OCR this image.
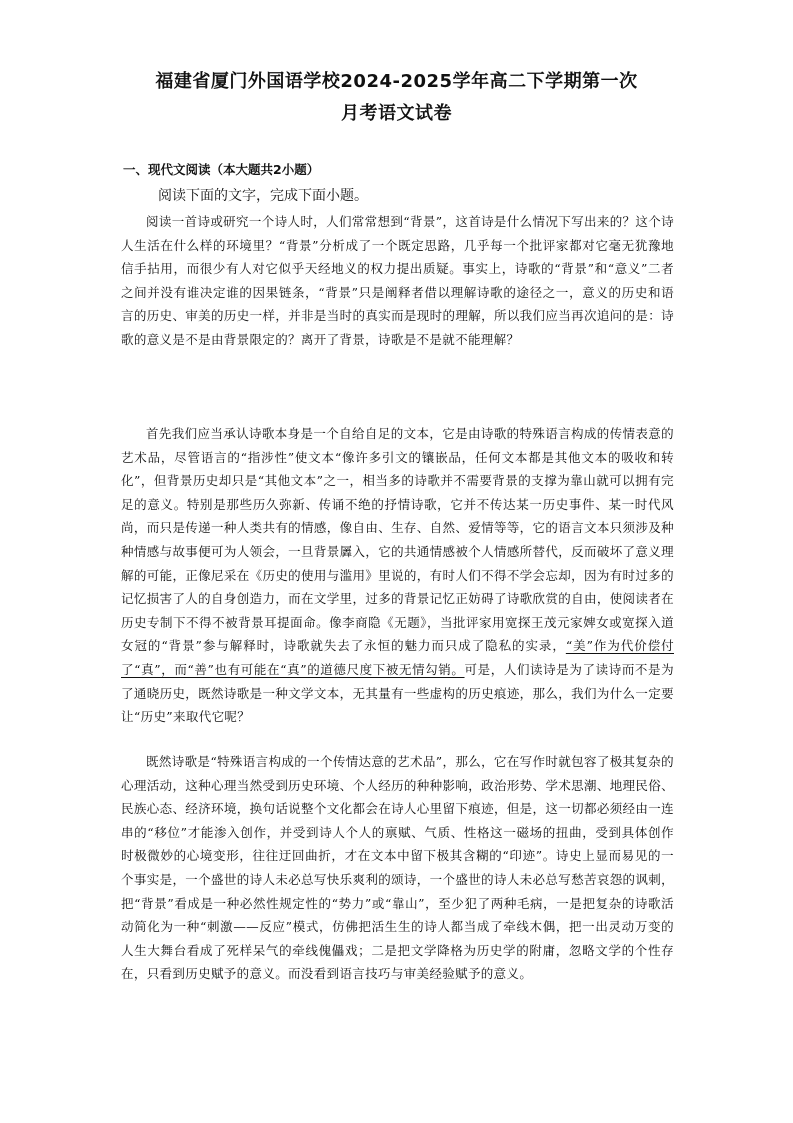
福建省厦门外国语学校2024-2025学年高二下学期第一次
月考语文试卷
一、现代文阅读（本大题共2小题）
阅读下面的文字，完成下面小题。

阅读一首诗或研究一个诗人时，人们常常想到“背景”，这首诗是什么情况下写出来的？这个诗人生活在什么样的环境里？“背景”分析成了一个既定思路，几乎每一个批评家都对它毫无犹豫地信手拈用，而很少有人对它似乎天经地义的权力提出质疑。事实上，诗歌的“背景”和“意义”二者之间并没有谁决定谁的因果链条，“背景”只是阐释者借以理解诗歌的途径之一，意义的历史和语言的历史、审美的历史一样，并非是当时的真实而是现时的理解，所以我们应当再次追问的是：诗歌的意义是不是由背景限定的？离开了背景，诗歌是不是就不能理解？

首先我们应当承认诗歌本身是一个自给自足的文本，它是由诗歌的特殊语言构成的传情表意的艺术品，尽管语言的“指涉性”使文本“像许多引文的镶嵌品，任何文本都是其他文本的吸收和转化”，但背景历史却只是“其他文本”之一，相当多的诗歌并不需要背景的支撑为靠山就可以拥有完足的意义。特别是那些历久弥新、传诵不绝的抒情诗歌，它并不传达某一历史事件、某一时代风尚，而只是传递一种人类共有的情感，像自由、生存、自然、爱情等等，它的语言文本只须涉及种种情感与故事便可为人领会，一旦背景羼入，它的共通情感被个人情感所替代，反而破坏了意义理解的可能，正像尼采在《历史的使用与滥用》里说的，有时人们不得不学会忘却，因为有时过多的记忆损害了人的自身创造力，而在文学里，过多的背景记忆正妨碍了诗歌欣赏的自由，使阅读者在历史专制下不得不被背景耳提面命。像李商隐《无题》，当批评家用宽探王茂元家婢女或宽探入道女冠的“背景”参与解释时，诗歌就失去了永恒的魅力而只成了隐私的实录，“美”作为代价偿付了“真”，而“善”也有可能在“真”的道德尺度下被无情勾销。可是，人们读诗是为了读诗而不是为了通晓历史，既然诗歌是一种文学文本，无其量有一些虚构的历史痕迹，那么，我们为什么一定要让“历史”来取代它呢？

既然诗歌是“特殊语言构成的一个传情达意的艺术品”，那么，它在写作时就包容了极其复杂的心理活动，这种心理当然受到历史环境、个人经历的种种影响，政治形势、学术思潮、地理民俗、民族心态、经济环境，换句话说整个文化都会在诗人心里留下痕迹，但是，这一切都必须经由一连串的“移位”才能渗入创作，并受到诗人个人的禀赋、气质、性格这一磁场的扭曲，受到具体创作时极微妙的心境变形，往往迂回曲折，才在文本中留下极其含糊的“印迹”。诗史上显而易见的一个事实是，一个盛世的诗人未必总写快乐爽利的颂诗，一个盛世的诗人未必总写愁苦哀怨的讽刺，把“背景”看成是一种必然性规定性的“势力”或“靠山”，至少犯了两种毛病，一是把复杂的诗歌活动简化为一种“刺激——反应”模式，仿佛把活生生的诗人都当成了牵线木偶，把一出灵动万变的人生大舞台看成了死样呆气的牵线傀儡戏；二是把文学降格为历史学的附庸，忽略文学的个性存在，只看到历史赋予的意义。而没看到语言技巧与审美经验赋予的意义。
